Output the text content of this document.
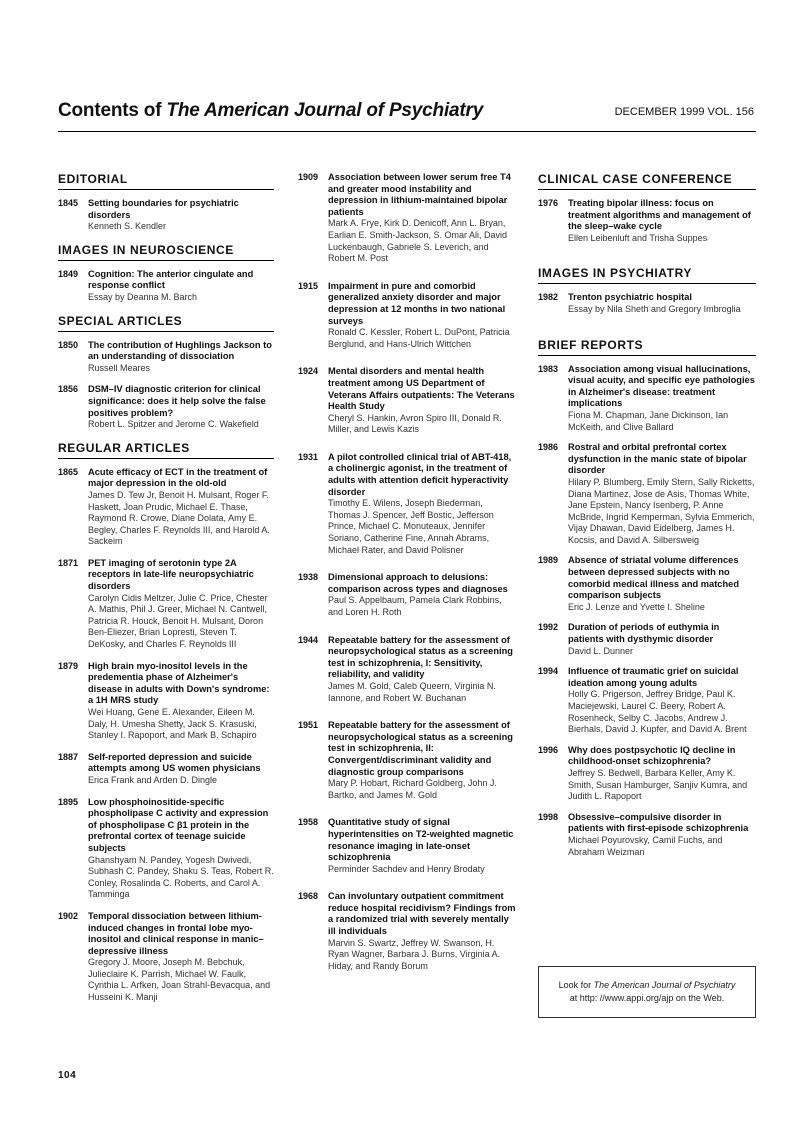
Contents of The American Journal of Psychiatry	DECEMBER 1999 VOL. 156
EDITORIAL
1845	Setting boundaries for psychiatric disorders
Kenneth S. Kendler
IMAGES IN NEUROSCIENCE
1849	Cognition: The anterior cingulate and response conflict
Essay by Deanna M. Barch
SPECIAL ARTICLES
1850	The contribution of Hughlings Jackson to an understanding of dissociation
Russell Meares
1856	DSM–IV diagnostic criterion for clinical significance: does it help solve the false positives problem?
Robert L. Spitzer and Jerome C. Wakefield
REGULAR ARTICLES
1865	Acute efficacy of ECT in the treatment of major depression in the old-old
James D. Tew Jr, Benoit H. Mulsant, Roger F. Haskett, Joan Prudic, Michael E. Thase, Raymond R. Crowe, Diane Dolata, Amy E. Begley, Charles F. Reynolds III, and Harold A. Sackeim
1871	PET imaging of serotonin type 2A receptors in late-life neuropsychiatric disorders
Carolyn Cidis Meltzer, Julie C. Price, Chester A. Mathis, Phil J. Greer, Michael N. Cantwell, Patricia R. Houck, Benoit H. Mulsant, Doron Ben-Eliezer, Brian Lopresti, Steven T. DeKosky, and Charles F. Reynolds III
1879	High brain myo-inositol levels in the predementia phase of Alzheimer's disease in adults with Down's syndrome: a 1H MRS study
Wei Huang, Gene E. Alexander, Eileen M. Daly, H. Umesha Shetty, Jack S. Krasuski, Stanley I. Rapoport, and Mark B. Schapiro
1887	Self-reported depression and suicide attempts among US women physicians
Erica Frank and Arden D. Dingle
1895	Low phosphoinositide-specific phospholipase C activity and expression of phospholipase C β1 protein in the prefrontal cortex of teenage suicide subjects
Ghanshyam N. Pandey, Yogesh Dwivedi, Subhash C. Pandey, Shaku S. Teas, Robert R. Conley, Rosalinda C. Roberts, and Carol A. Tamminga
1902	Temporal dissociation between lithium-induced changes in frontal lobe myo-inositol and clinical response in manic–depressive illness
Gregory J. Moore, Joseph M. Bebchuk, Julieclaire K. Parrish, Michael W. Faulk, Cynthia L. Arfken, Joan Strahl-Bevacqua, and Husseini K. Manji
1909	Association between lower serum free T4 and greater mood instability and depression in lithium-maintained bipolar patients
Mark A. Frye, Kirk D. Denicoff, Ann L. Bryan, Earlian E. Smith-Jackson, S. Omar Ali, David Luckenbaugh, Gabriele S. Leverich, and Robert M. Post
1915	Impairment in pure and comorbid generalized anxiety disorder and major depression at 12 months in two national surveys
Ronald C. Kessler, Robert L. DuPont, Patricia Berglund, and Hans-Ulrich Wittchen
1924	Mental disorders and mental health treatment among US Department of Veterans Affairs outpatients: The Veterans Health Study
Cheryl S. Hankin, Avron Spiro III, Donald R. Miller, and Lewis Kazis
1931	A pilot controlled clinical trial of ABT-418, a cholinergic agonist, in the treatment of adults with attention deficit hyperactivity disorder
Timothy E. Wilens, Joseph Biederman, Thomas J. Spencer, Jeff Bostic, Jefferson Prince, Michael C. Monuteaux, Jennifer Soriano, Catherine Fine, Annah Abrams, Michael Rater, and David Polisner
1938	Dimensional approach to delusions: comparison across types and diagnoses
Paul S. Appelbaum, Pamela Clark Robbins, and Loren H. Roth
1944	Repeatable battery for the assessment of neuropsychological status as a screening test in schizophrenia, I: Sensitivity, reliability, and validity
James M. Gold, Caleb Queern, Virginia N. Iannone, and Robert W. Buchanan
1951	Repeatable battery for the assessment of neuropsychological status as a screening test in schizophrenia, II: Convergent/discriminant validity and diagnostic group comparisons
Mary P. Hobart, Richard Goldberg, John J. Bartko, and James M. Gold
1958	Quantitative study of signal hyperintensities on T2-weighted magnetic resonance imaging in late-onset schizophrenia
Perminder Sachdev and Henry Brodaty
1968	Can involuntary outpatient commitment reduce hospital recidivism? Findings from a randomized trial with severely mentally ill individuals
Marvin S. Swartz, Jeffrey W. Swanson, H. Ryan Wagner, Barbara J. Burns, Virginia A. Hiday, and Randy Borum
CLINICAL CASE CONFERENCE
1976	Treating bipolar illness: focus on treatment algorithms and management of the sleep–wake cycle
Ellen Leibenluft and Trisha Suppes
IMAGES IN PSYCHIATRY
1982	Trenton psychiatric hospital
Essay by Nila Sheth and Gregory Imbroglia
BRIEF REPORTS
1983	Association among visual hallucinations, visual acuity, and specific eye pathologies in Alzheimer's disease: treatment implications
Fiona M. Chapman, Jane Dickinson, Ian McKeith, and Clive Ballard
1986	Rostral and orbital prefrontal cortex dysfunction in the manic state of bipolar disorder
Hilary P. Blumberg, Emily Stern, Sally Ricketts, Diana Martinez, Jose de Asis, Thomas White, Jane Epstein, Nancy Isenberg, P. Anne McBride, Ingrid Kemperman, Sylvia Emmerich, Vijay Dhawan, David Eidelberg, James H. Kocsis, and David A. Silbersweig
1989	Absence of striatal volume differences between depressed subjects with no comorbid medical illness and matched comparison subjects
Eric J. Lenze and Yvette I. Sheline
1992	Duration of periods of euthymia in patients with dysthymic disorder
David L. Dunner
1994	Influence of traumatic grief on suicidal ideation among young adults
Holly G. Prigerson, Jeffrey Bridge, Paul K. Maciejewski, Laurel C. Beery, Robert A. Rosenheck, Selby C. Jacobs, Andrew J. Bierhals, David J. Kupfer, and David A. Brent
1996	Why does postpsychotic IQ decline in childhood-onset schizophrenia?
Jeffrey S. Bedwell, Barbara Keller, Amy K. Smith, Susan Hamburger, Sanjiv Kumra, and Judith L. Rapoport
1998	Obsessive–compulsive disorder in patients with first-episode schizophrenia
Michael Poyurovsky, Camil Fuchs, and Abraham Weizman
Look for The American Journal of Psychiatry
at http: //www.appi.org/ajp on the Web.
104
